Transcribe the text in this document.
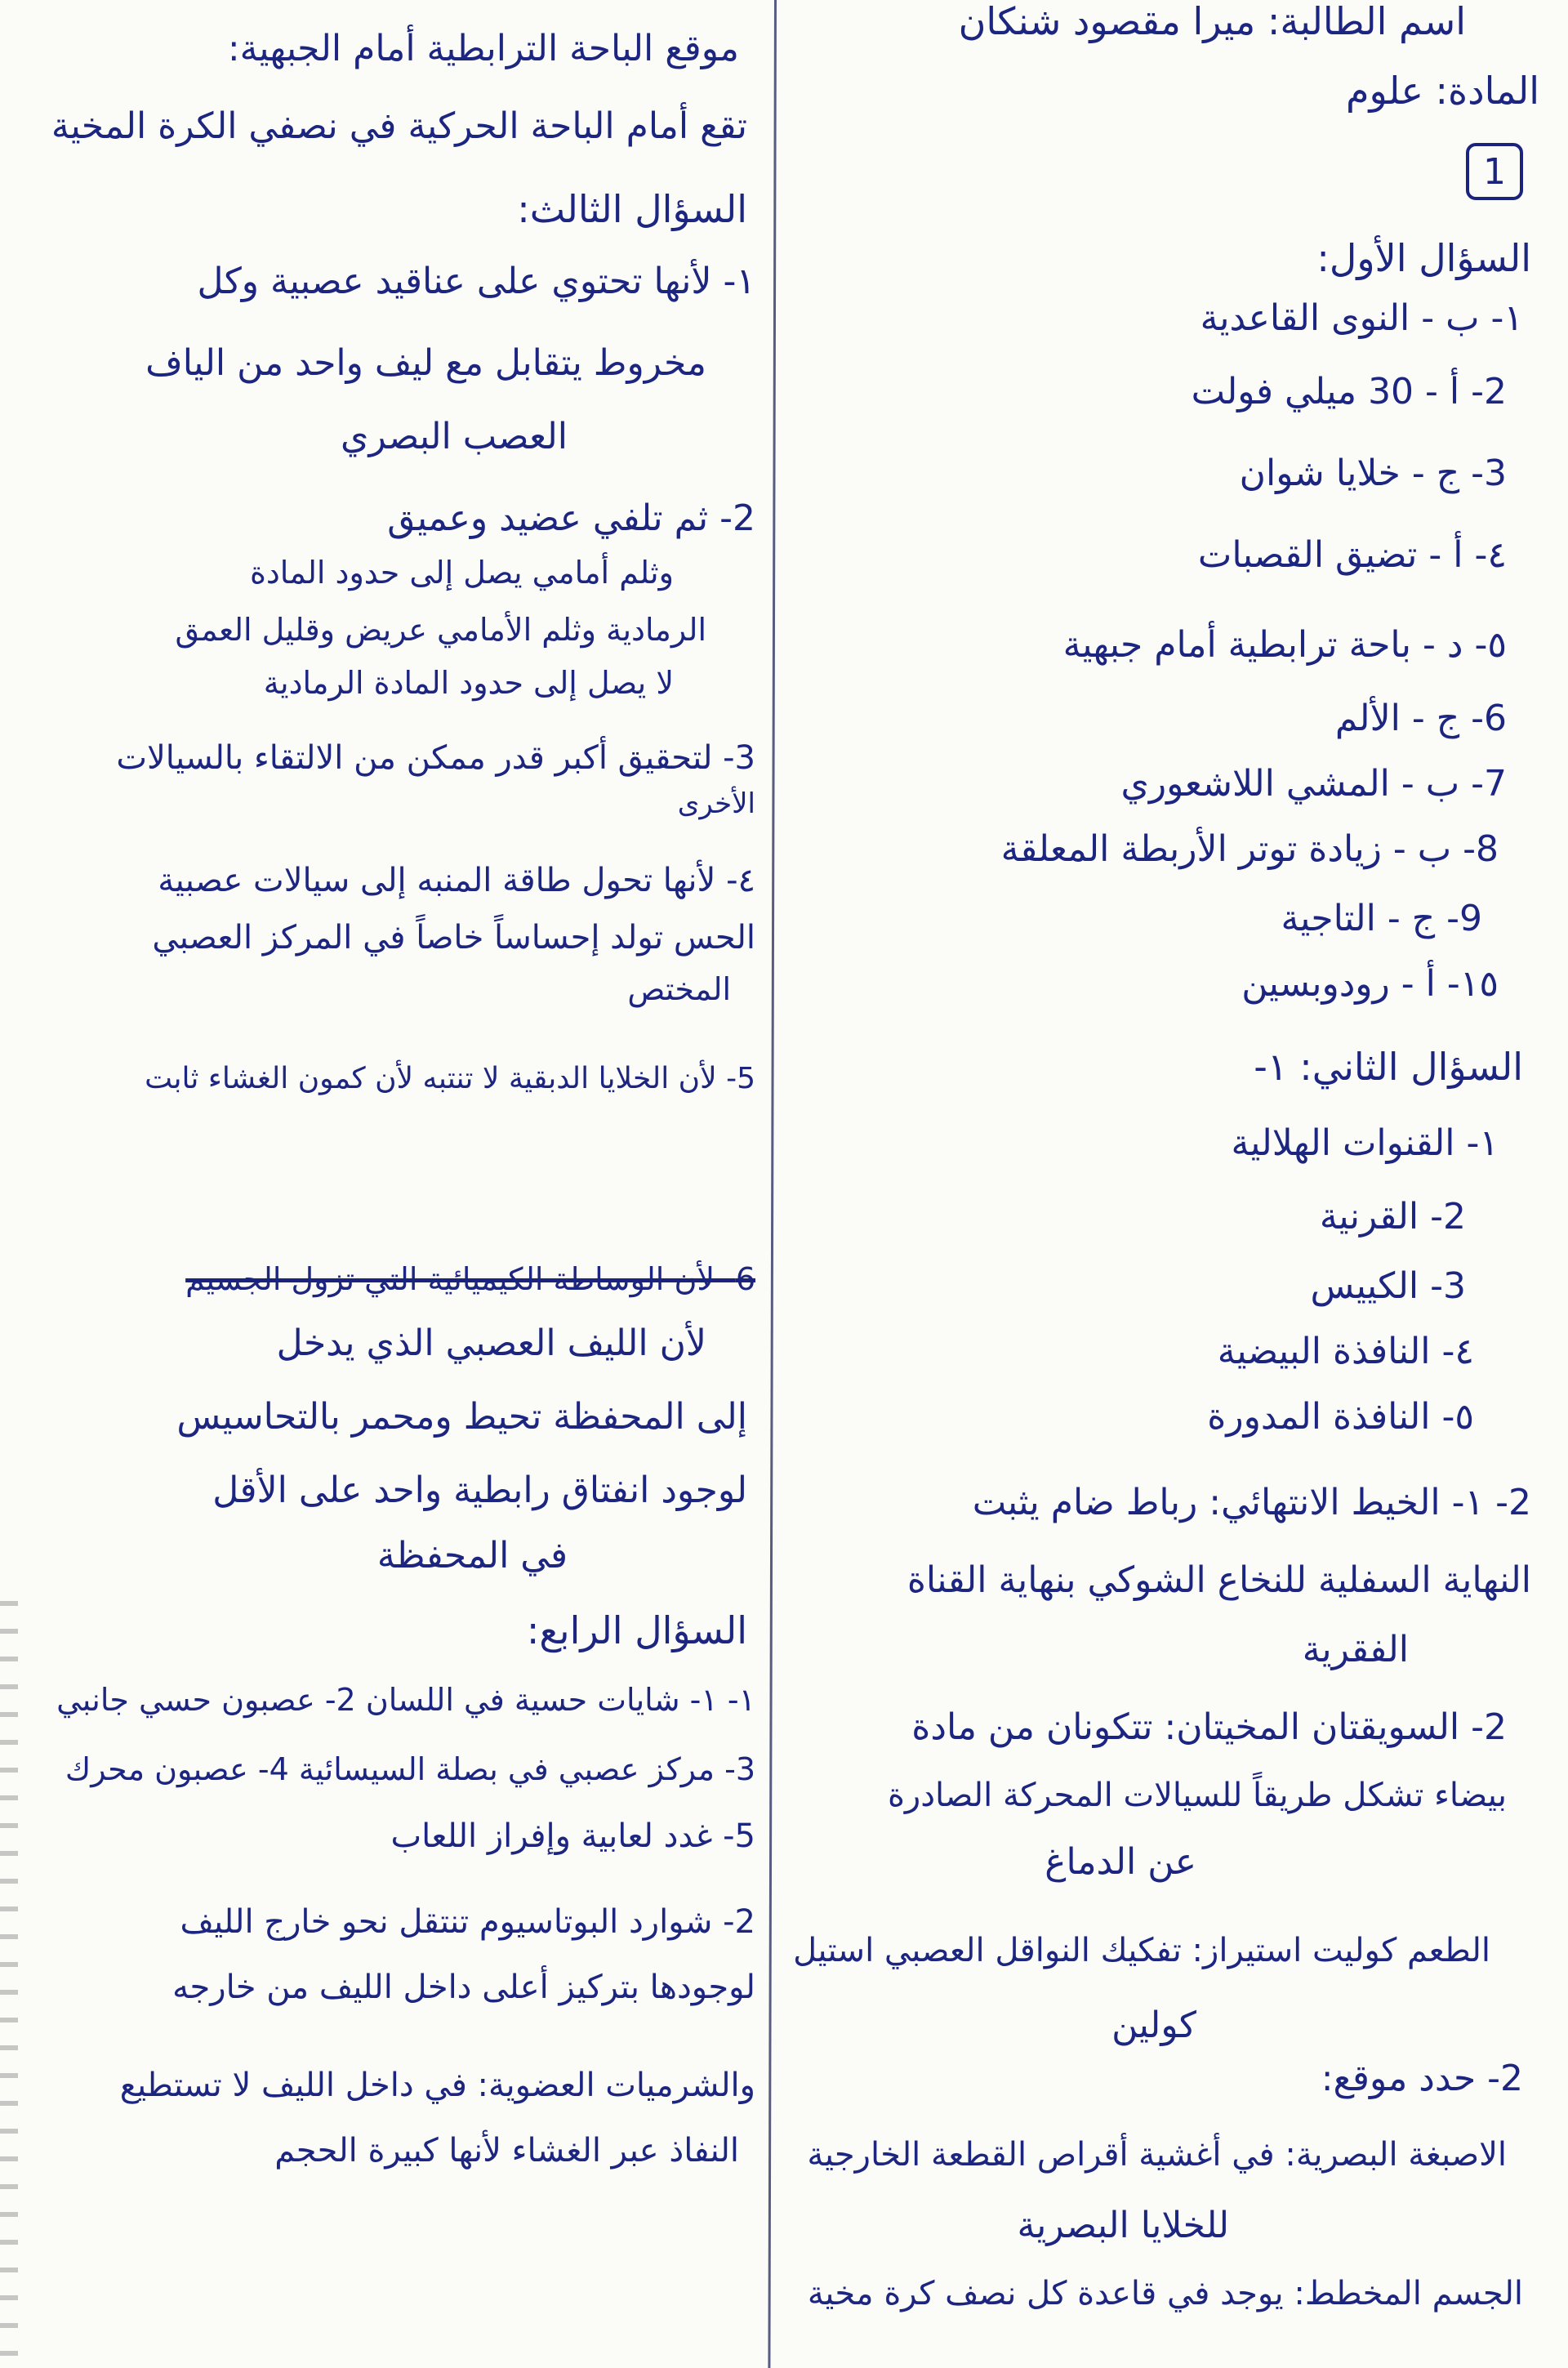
اسم الطالبة: ميرا مقصود شنكان
المادة: علوم
1
السؤال الأول:
١- ب - النوى القاعدية
2- أ - 30 ميلي فولت
3- ج - خلايا شوان
٤- أ - تضيق القصبات
٥- د - باحة ترابطية أمام جبهية
6- ج - الألم
7- ب - المشي اللاشعوري
8- ب - زيادة توتر الأربطة المعلقة
9- ج - التاجية
١٥- أ - رودوبسين
السؤال الثاني: ١-
١- القنوات الهلالية
2- القرنية
3- الكييس
٤- النافذة البيضية
٥- النافذة المدورة
2- ١- الخيط الانتهائي: رباط ضام يثبت
النهاية السفلية للنخاع الشوكي بنهاية القناة
الفقرية
2- السويقتان المخيتان: تتكونان من مادة
بيضاء تشكل طريقاً للسيالات المحركة الصادرة
عن الدماغ
الطعم كوليت استيراز: تفكيك النواقل العصبي استيل
كولين
2- حدد موقع:
الاصبغة البصرية: في أغشية أقراص القطعة الخارجية
للخلايا البصرية
الجسم المخطط: يوجد في قاعدة كل نصف كرة مخية
موقع الباحة الترابطية أمام الجبهية:
تقع أمام الباحة الحركية في نصفي الكرة المخية
السؤال الثالث:
١- لأنها تحتوي على عناقيد عصبية وكل
مخروط يتقابل مع ليف واحد من الياف
العصب البصري
2- ثم تلفي عضيد وعميق
وثلم أمامي يصل إلى حدود المادة
الرمادية وثلم الأمامي عريض وقليل العمق
لا يصل إلى حدود المادة الرمادية
3- لتحقيق أكبر قدر ممكن من الالتقاء بالسيالات
الأخرى
٤- لأنها تحول طاقة المنبه إلى سيالات عصبية
الحس تولد إحساساً خاصاً في المركز العصبي
المختص
5- لأن الخلايا الدبقية لا تنتبه لأن كمون الغشاء ثابت
6- لأن الوساطة الكيميائية التي تزول الجسيم
لأن الليف العصبي الذي يدخل
إلى المحفظة تحيط ومحمر بالتحاسيس
لوجود انفتاق رابطية واحد على الأقل
في المحفظة
السؤال الرابع:
١- ١- شايات حسية في اللسان 2- عصبون حسي جانبي
3- مركز عصبي في بصلة السيسائية 4- عصبون محرك
5- غدد لعابية وإفراز اللعاب
2- شوارد البوتاسيوم تنتقل نحو خارج الليف
لوجودها بتركيز أعلى داخل الليف من خارجه
والشرميات العضوية: في داخل الليف لا تستطيع
النفاذ عبر الغشاء لأنها كبيرة الحجم
